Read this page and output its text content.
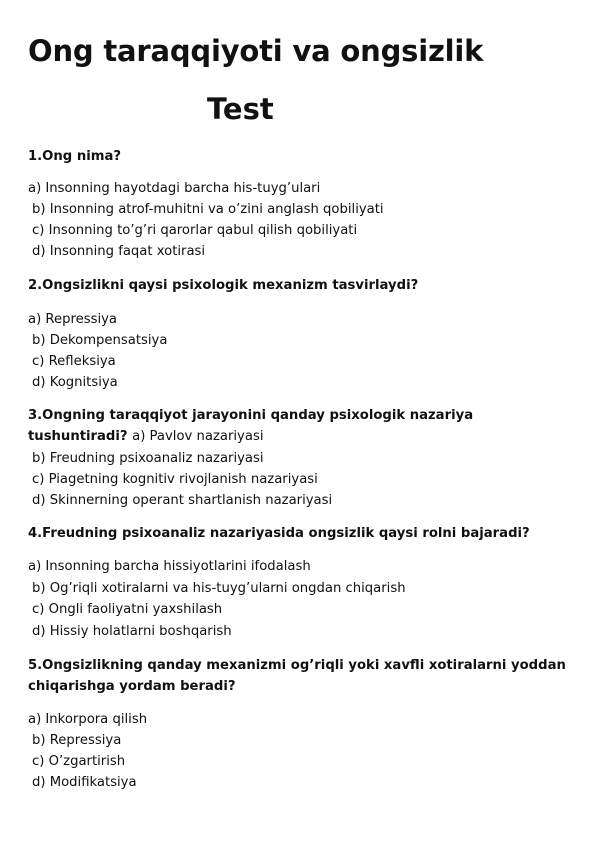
Ong taraqqiyoti va ongsizlik
Test

1.Ong nima?

a) Insonning hayotdagi barcha his-tuyg’ulari

b) Insonning atrof-muhitni va o’zini anglash qobiliyati

c) Insonning to’g’ri qarorlar qabul qilish qobiliyati

d) Insonning faqat xotirasi

2.Ongsizlikni qaysi psixologik mexanizm tasvirlaydi?

a) Repressiya

b) Dekompensatsiya

c) Refleksiya

d) Kognitsiya

3.Ongning taraqqiyot jarayonini qanday psixologik nazariya

tushuntiradi? a) Pavlov nazariyasi

b) Freudning psixoanaliz nazariyasi

c) Piagetning kognitiv rivojlanish nazariyasi

d) Skinnerning operant shartlanish nazariyasi

4.Freudning psixoanaliz nazariyasida ongsizlik qaysi rolni bajaradi?

a) Insonning barcha hissiyotlarini ifodalash

b) Og’riqli xotiralarni va his-tuyg’ularni ongdan chiqarish

c) Ongli faoliyatni yaxshilash

d) Hissiy holatlarni boshqarish

5.Ongsizlikning qanday mexanizmi og’riqli yoki xavfli xotiralarni yoddan

chiqarishga yordam beradi?

a) Inkorpora qilish

b) Repressiya

c) O’zgartirish

d) Modifikatsiya
